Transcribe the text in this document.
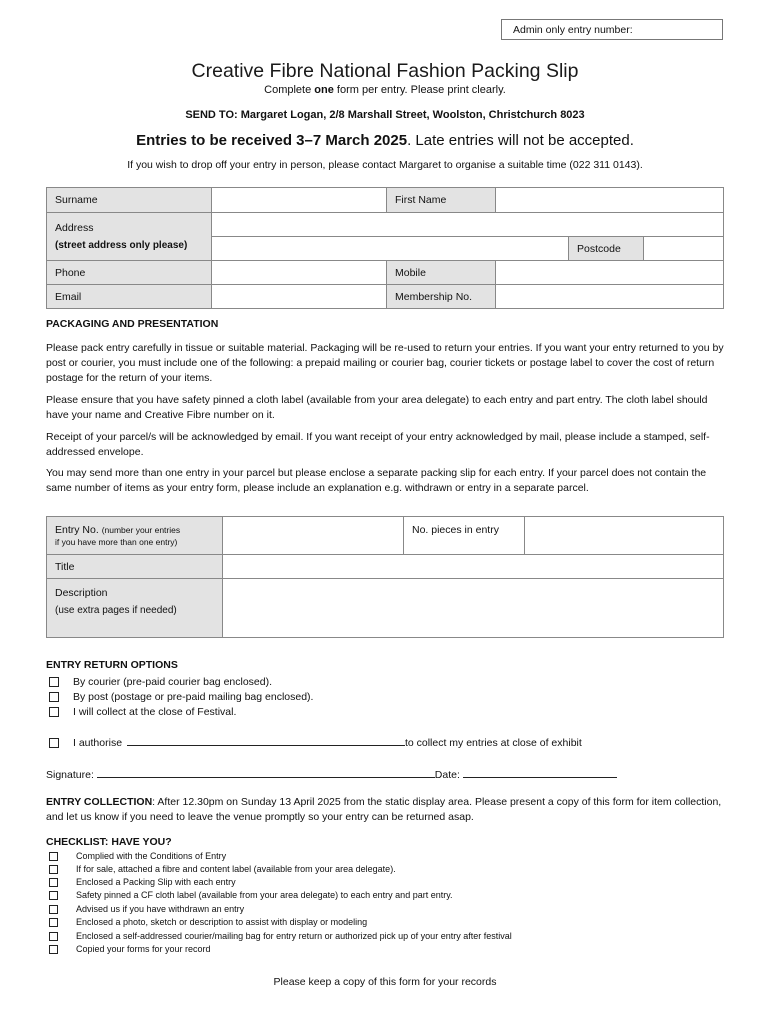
Admin only entry number:
Creative Fibre National Fashion Packing Slip
Complete one form per entry. Please print clearly.
SEND TO: Margaret Logan, 2/8 Marshall Street, Woolston, Christchurch 8023
Entries to be received 3–7 March 2025. Late entries will not be accepted.
If you wish to drop off your entry in person, please contact Margaret to organise a suitable time (022 311 0143).
Surname		First Name			

Address
(street address only please)					

				Postcode	
Phone		Mobile			
Email		Membership No.			
PACKAGING AND PRESENTATION
Please pack entry carefully in tissue or suitable material. Packaging will be re-used to return your entries. If you want your entry returned to you by post or courier, you must include one of the following: a prepaid mailing or courier bag, courier tickets or postage label to cover the cost of return postage for the return of your items.
Please ensure that you have safety pinned a cloth label (available from your area delegate) to each entry and part entry. The cloth label should have your name and Creative Fibre number on it.
Receipt of your parcel/s will be acknowledged by email. If you want receipt of your entry acknowledged by mail, please include a stamped, self-addressed envelope.
You may send more than one entry in your parcel but please enclose a separate packing slip for each entry. If your parcel does not contain the same number of items as your entry form, please include an explanation e.g. withdrawn or entry in a separate parcel.
Entry No. (number your entries
if you have more than one entry)		No. pieces in entry	
Title			

Description
(use extra pages if needed)			

ENTRY RETURN OPTIONS
By courier (pre-paid courier bag enclosed).
By post (postage or pre-paid mailing bag enclosed).
I will collect at the close of Festival.
I authorise	to collect my entries at close of exhibit
Signature:	Date:
ENTRY COLLECTION: After 12.30pm on Sunday 13 April 2025 from the static display area. Please present a copy of this form for item collection, and let us know if you need to leave the venue promptly so your entry can be returned asap.
CHECKLIST: HAVE YOU?
Complied with the Conditions of Entry
If for sale, attached a fibre and content label (available from your area delegate).
Enclosed a Packing Slip with each entry
Safety pinned a CF cloth label (available from your area delegate) to each entry and part entry.
Advised us if you have withdrawn an entry
Enclosed a photo, sketch or description to assist with display or modeling
Enclosed a self-addressed courier/mailing bag for entry return or authorized pick up of your entry after festival
Copied your forms for your record
Please keep a copy of this form for your records
